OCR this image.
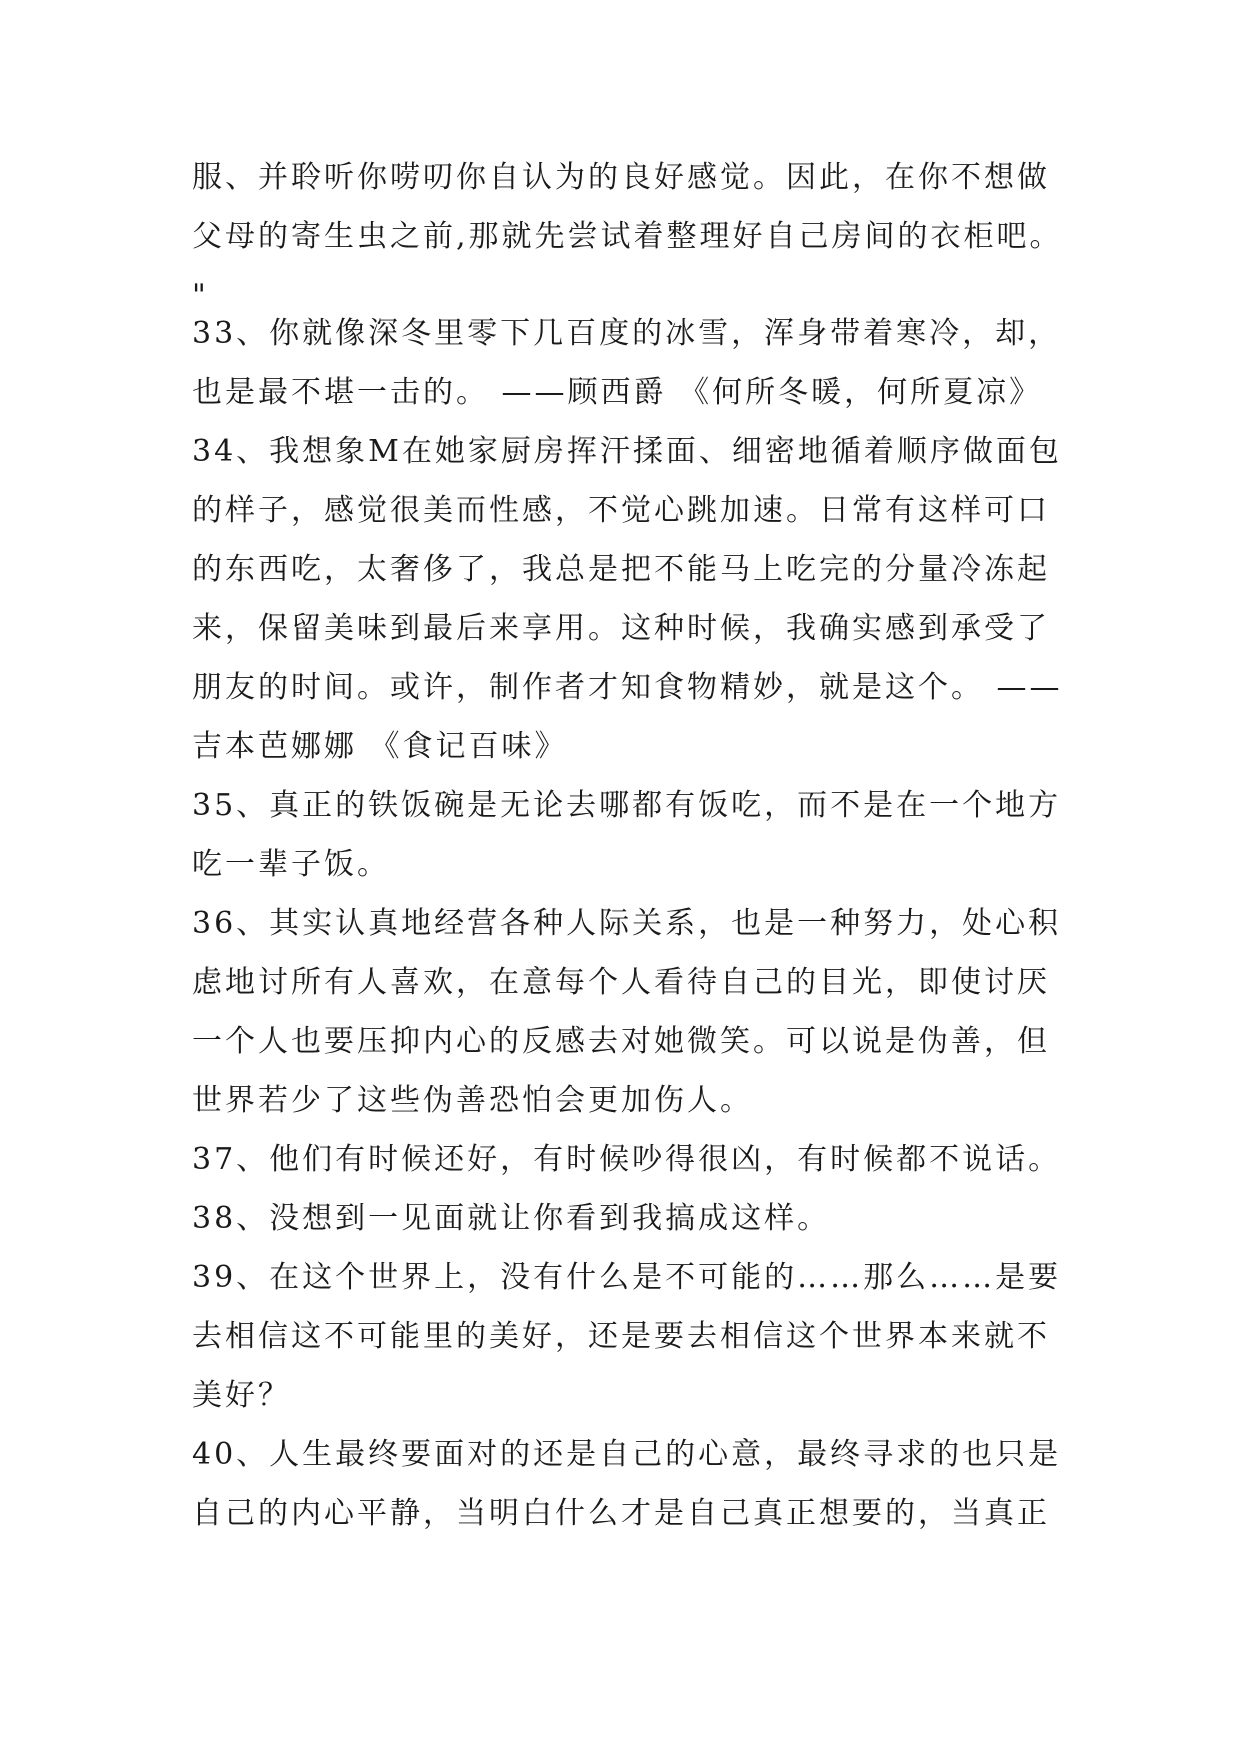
服、并聆听你唠叨你自认为的良好感觉。因此，在你不想做
父母的寄生虫之前,那就先尝试着整理好自己房间的衣柜吧。
"
33、你就像深冬里零下几百度的冰雪，浑身带着寒冷，却，
也是最不堪一击的。 ——顾西爵 《何所冬暖，何所夏凉》
34、我想象M在她家厨房挥汗揉面、细密地循着顺序做面包
的样子，感觉很美而性感，不觉心跳加速。日常有这样可口
的东西吃，太奢侈了，我总是把不能马上吃完的分量冷冻起
来，保留美味到最后来享用。这种时候，我确实感到承受了
朋友的时间。或许，制作者才知食物精妙，就是这个。 ——
吉本芭娜娜 《食记百味》
35、真正的铁饭碗是无论去哪都有饭吃，而不是在一个地方
吃一辈子饭。
36、其实认真地经营各种人际关系，也是一种努力，处心积
虑地讨所有人喜欢，在意每个人看待自己的目光，即使讨厌
一个人也要压抑内心的反感去对她微笑。可以说是伪善，但
世界若少了这些伪善恐怕会更加伤人。
37、他们有时候还好，有时候吵得很凶，有时候都不说话。
38、没想到一见面就让你看到我搞成这样。
39、在这个世界上，没有什么是不可能的……那么……是要
去相信这不可能里的美好，还是要去相信这个世界本来就不
美好？
40、人生最终要面对的还是自己的心意，最终寻求的也只是
自己的内心平静，当明白什么才是自己真正想要的，当真正
